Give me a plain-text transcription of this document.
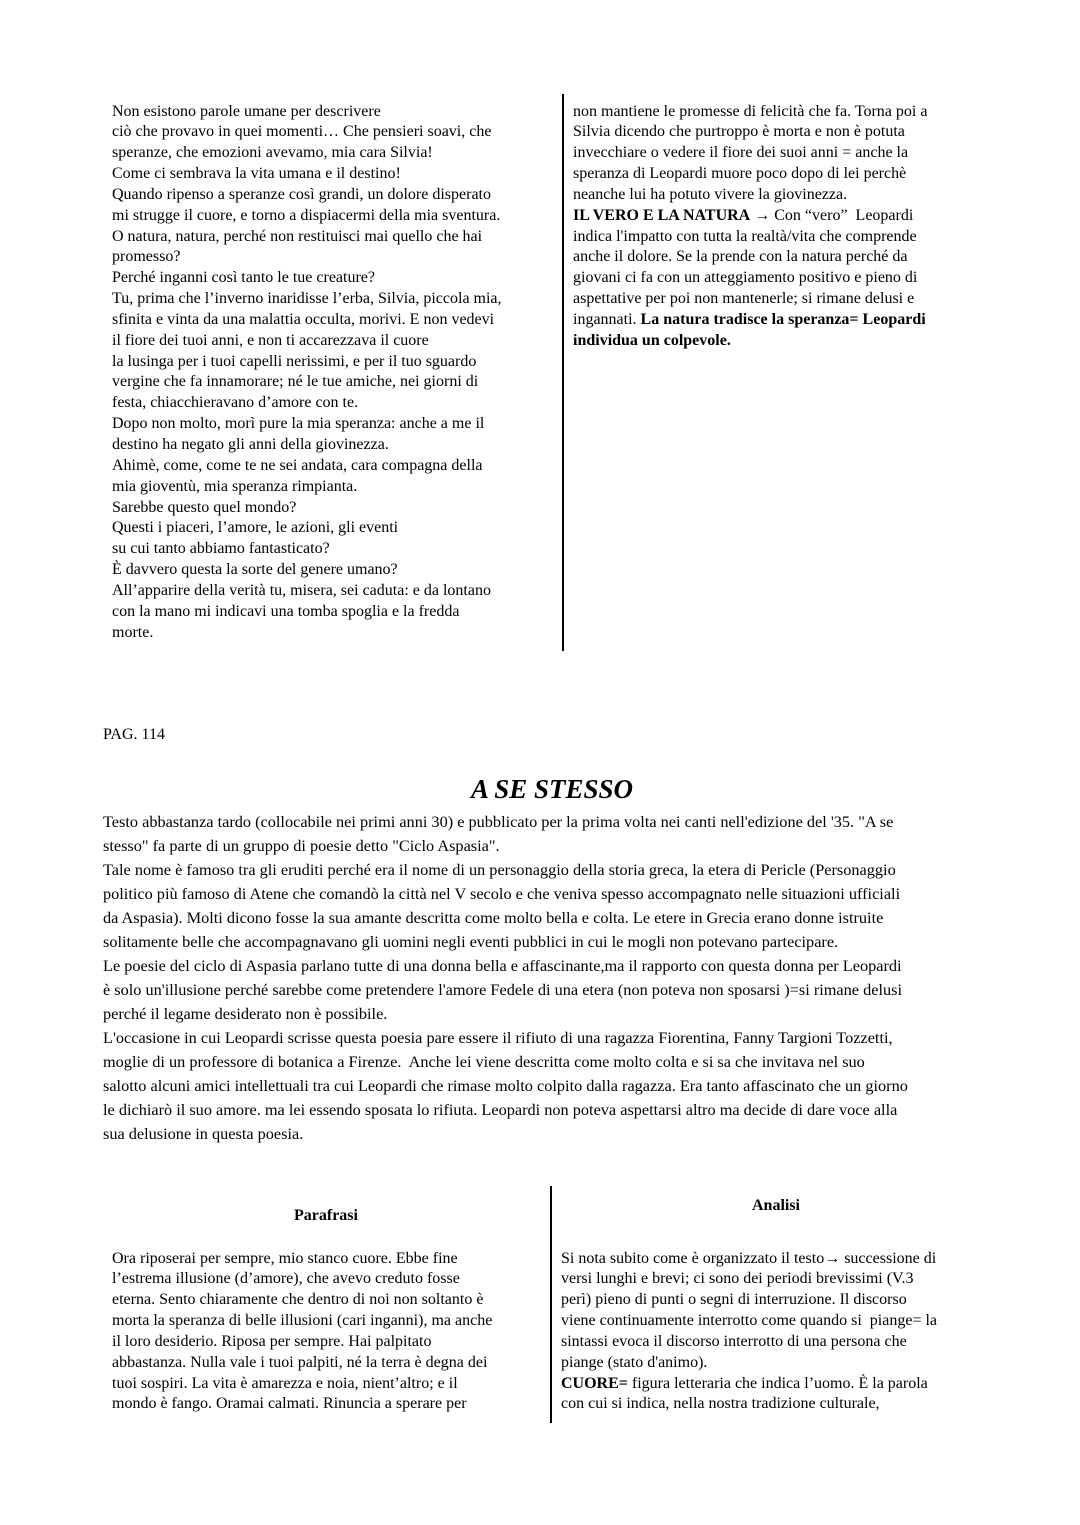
Non esistono parole umane per descrivere
ciò che provavo in quei momenti… Che pensieri soavi, che
speranze, che emozioni avevamo, mia cara Silvia!
Come ci sembrava la vita umana e il destino!
Quando ripenso a speranze così grandi, un dolore disperato
mi strugge il cuore, e torno a dispiacermi della mia sventura.
O natura, natura, perché non restituisci mai quello che hai
promesso?
Perché inganni così tanto le tue creature?
Tu, prima che l’inverno inaridisse l’erba, Silvia, piccola mia,
sfinita e vinta da una malattia occulta, morivi. E non vedevi
il fiore dei tuoi anni, e non ti accarezzava il cuore
la lusinga per i tuoi capelli nerissimi, e per il tuo sguardo
vergine che fa innamorare; né le tue amiche, nei giorni di
festa, chiacchieravano d’amore con te.
Dopo non molto, morì pure la mia speranza: anche a me il
destino ha negato gli anni della giovinezza.
Ahimè, come, come te ne sei andata, cara compagna della
mia gioventù, mia speranza rimpianta.
Sarebbe questo quel mondo?
Questi i piaceri, l’amore, le azioni, gli eventi
su cui tanto abbiamo fantasticato?
È davvero questa la sorte del genere umano?
All’apparire della verità tu, misera, sei caduta: e da lontano
con la mano mi indicavi una tomba spoglia e la fredda
morte.
non mantiene le promesse di felicità che fa. Torna poi a
Silvia dicendo che purtroppo è morta e non è potuta
invecchiare o vedere il fiore dei suoi anni = anche la
speranza di Leopardi muore poco dopo di lei perchè
neanche lui ha potuto vivere la giovinezza.
IL VERO E LA NATURA → Con “vero”  Leopardi
indica l'impatto con tutta la realtà/vita che comprende
anche il dolore. Se la prende con la natura perché da
giovani ci fa con un atteggiamento positivo e pieno di
aspettative per poi non mantenerle; si rimane delusi e
ingannati. La natura tradisce la speranza= Leopardi
individua un colpevole.
PAG. 114
A SE STESSO
Testo abbastanza tardo (collocabile nei primi anni 30) e pubblicato per la prima volta nei canti nell'edizione del '35. "A se
stesso" fa parte di un gruppo di poesie detto "Ciclo Aspasia".
Tale nome è famoso tra gli eruditi perché era il nome di un personaggio della storia greca, la etera di Pericle (Personaggio
politico più famoso di Atene che comandò la città nel V secolo e che veniva spesso accompagnato nelle situazioni ufficiali
da Aspasia). Molti dicono fosse la sua amante descritta come molto bella e colta. Le etere in Grecia erano donne istruite
solitamente belle che accompagnavano gli uomini negli eventi pubblici in cui le mogli non potevano partecipare.
Le poesie del ciclo di Aspasia parlano tutte di una donna bella e affascinante,ma il rapporto con questa donna per Leopardi
è solo un'illusione perché sarebbe come pretendere l'amore Fedele di una etera (non poteva non sposarsi )=si rimane delusi
perché il legame desiderato non è possibile.
L'occasione in cui Leopardi scrisse questa poesia pare essere il rifiuto di una ragazza Fiorentina, Fanny Targioni Tozzetti,
moglie di un professore di botanica a Firenze.  Anche lei viene descritta come molto colta e si sa che invitava nel suo
salotto alcuni amici intellettuali tra cui Leopardi che rimase molto colpito dalla ragazza. Era tanto affascinato che un giorno
le dichiarò il suo amore. ma lei essendo sposata lo rifiuta. Leopardi non poteva aspettarsi altro ma decide di dare voce alla
sua delusione in questa poesia.
Parafrasi
Analisi
Ora riposerai per sempre, mio stanco cuore. Ebbe fine
l’estrema illusione (d’amore), che avevo creduto fosse
eterna. Sento chiaramente che dentro di noi non soltanto è
morta la speranza di belle illusioni (cari inganni), ma anche
il loro desiderio. Riposa per sempre. Hai palpitato
abbastanza. Nulla vale i tuoi palpiti, né la terra è degna dei
tuoi sospiri. La vita è amarezza e noia, nient’altro; e il
mondo è fango. Oramai calmati. Rinuncia a sperare per
Si nota subito come è organizzato il testo→ successione di
versi lunghi e brevi; ci sono dei periodi brevissimi (V.3
perì) pieno di punti o segni di interruzione. Il discorso
viene continuamente interrotto come quando si  piange= la
sintassi evoca il discorso interrotto di una persona che
piange (stato d'animo).
CUORE= figura letteraria che indica l’uomo. È la parola
con cui si indica, nella nostra tradizione culturale,
